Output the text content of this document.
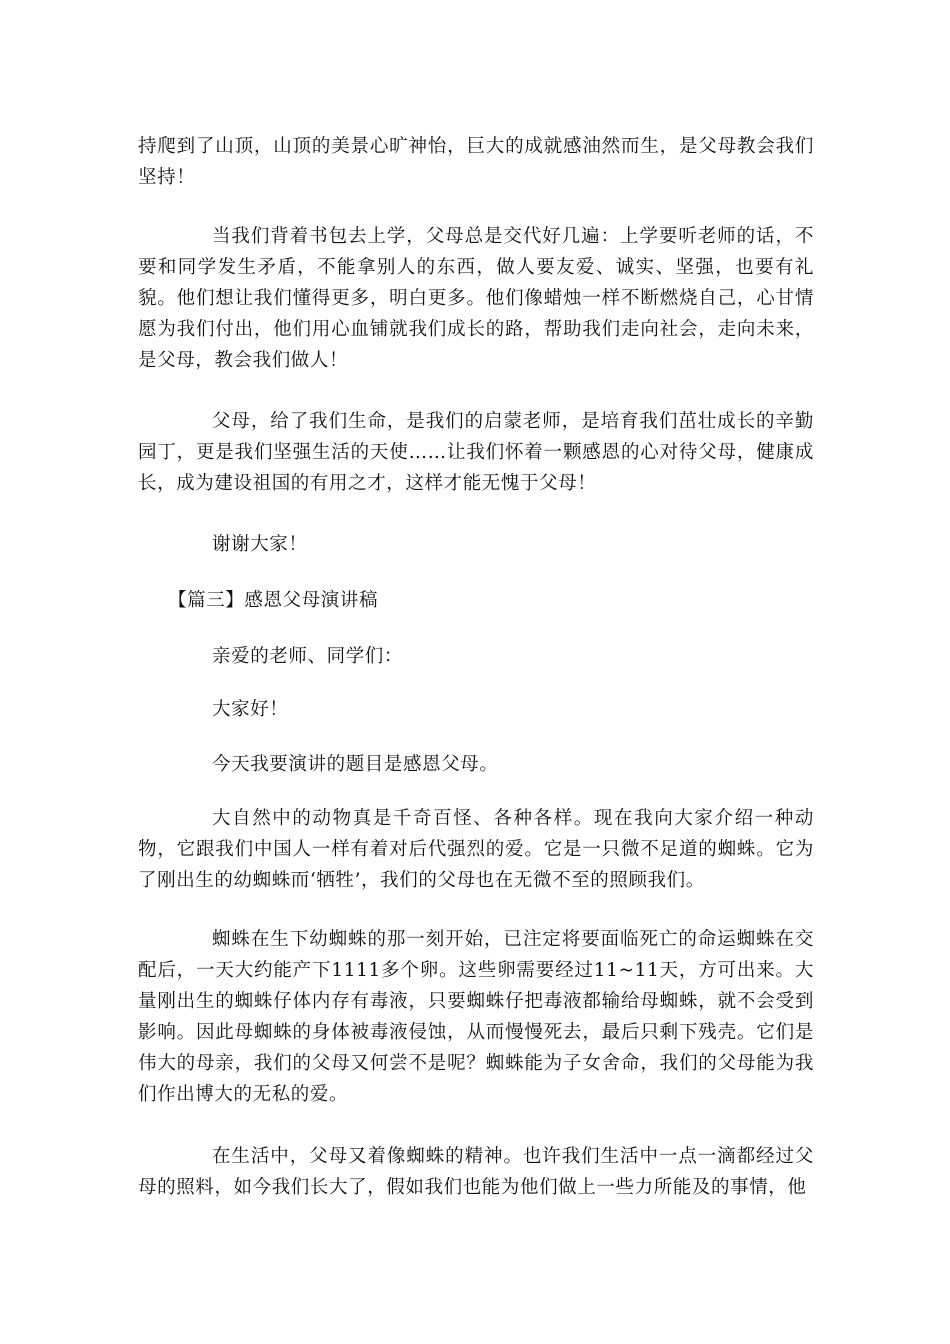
持爬到了山顶，山顶的美景心旷神怡，巨大的成就感油然而生，是父母教会我们坚持！

当我们背着书包去上学，父母总是交代好几遍：上学要听老师的话，不要和同学发生矛盾，不能拿别人的东西，做人要友爱、诚实、坚强，也要有礼貌。他们想让我们懂得更多，明白更多。他们像蜡烛一样不断燃烧自己，心甘情愿为我们付出，他们用心血铺就我们成长的路，帮助我们走向社会，走向未来，是父母，教会我们做人！

父母，给了我们生命，是我们的启蒙老师，是培育我们茁壮成长的辛勤园丁，更是我们坚强生活的天使……让我们怀着一颗感恩的心对待父母，健康成长，成为建设祖国的有用之才，这样才能无愧于父母！

谢谢大家！

【篇三】感恩父母演讲稿

亲爱的老师、同学们：

大家好！

今天我要演讲的题目是感恩父母。

大自然中的动物真是千奇百怪、各种各样。现在我向大家介绍一种动物，它跟我们中国人一样有着对后代强烈的爱。它是一只微不足道的蜘蛛。它为了刚出生的幼蜘蛛而‘牺牲’，我们的父母也在无微不至的照顾我们。

蜘蛛在生下幼蜘蛛的那一刻开始，已注定将要面临死亡的命运蜘蛛在交配后，一天大约能产下1111多个卵。这些卵需要经过11~11天，方可出来。大量刚出生的蜘蛛仔体内存有毒液，只要蜘蛛仔把毒液都输给母蜘蛛，就不会受到影响。因此母蜘蛛的身体被毒液侵蚀，从而慢慢死去，最后只剩下残壳。它们是伟大的母亲，我们的父母又何尝不是呢？蜘蛛能为子女舍命，我们的父母能为我们作出博大的无私的爱。

在生活中，父母又着像蜘蛛的精神。也许我们生活中一点一滴都经过父母的照料，如今我们长大了，假如我们也能为他们做上一些力所能及的事情，他
